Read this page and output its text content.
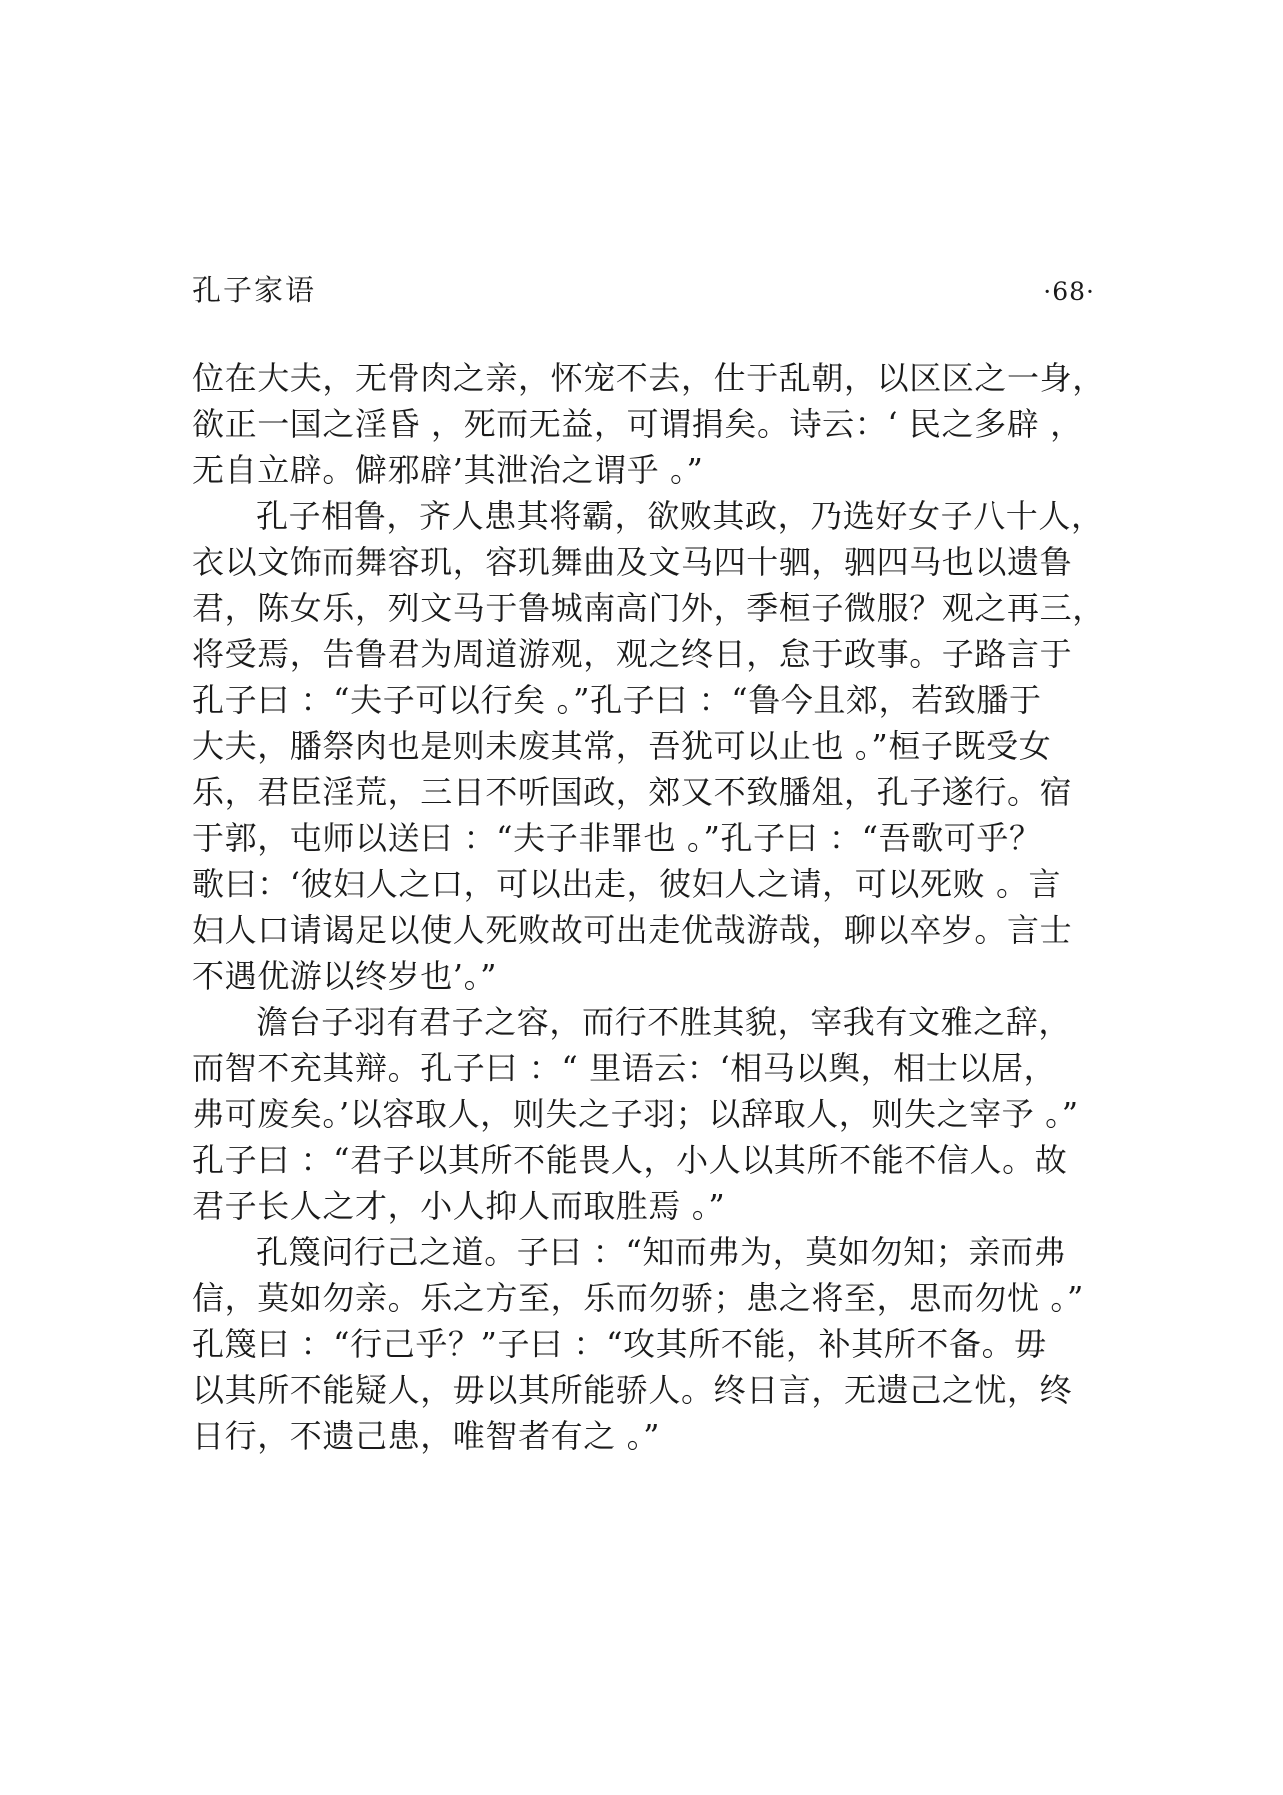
孔子家语	·68·
位在大夫，无骨肉之亲，怀宠不去，仕于乱朝，以区区之一身，
欲正一国之淫昏 ，死而无益，可谓捐矣。诗云：‘ 民之多辟 ，
无自立辟。僻邪辟’其泄治之谓乎 。”
孔子相鲁，齐人患其将霸，欲败其政，乃选好女子八十人，
衣以文饰而舞容玑，容玑舞曲及文马四十驷，驷四马也以遗鲁
君，陈女乐，列文马于鲁城南高门外，季桓子微服？观之再三，
将受焉，告鲁君为周道游观，观之终日，怠于政事。子路言于
孔子曰 ：“夫子可以行矣 。”孔子曰 ：“鲁今且郊，若致膰于
大夫，膰祭肉也是则未废其常，吾犹可以止也 。”桓子既受女
乐，君臣淫荒，三日不听国政，郊又不致膰俎，孔子遂行。宿
于郭，屯师以送曰 ：“夫子非罪也 。”孔子曰 ：“吾歌可乎？
歌曰：‘彼妇人之口，可以出走，彼妇人之请，可以死败 。言
妇人口请谒足以使人死败故可出走优哉游哉，聊以卒岁。言士
不遇优游以终岁也’。”
澹台子羽有君子之容，而行不胜其貌，宰我有文雅之辞，
而智不充其辩。孔子曰 ：“ 里语云：‘相马以舆，相士以居，
弗可废矣。’以容取人，则失之子羽；以辞取人，则失之宰予 。”
孔子曰 ：“君子以其所不能畏人，小人以其所不能不信人。故
君子长人之才，小人抑人而取胜焉 。”
孔篾问行己之道。子曰 ：“知而弗为，莫如勿知；亲而弗
信，莫如勿亲。乐之方至，乐而勿骄；患之将至，思而勿忧 。”
孔篾曰 ：“行己乎？”子曰 ：“攻其所不能，补其所不备。毋
以其所不能疑人，毋以其所能骄人。终日言，无遗己之忧，终
日行，不遗己患，唯智者有之 。”
